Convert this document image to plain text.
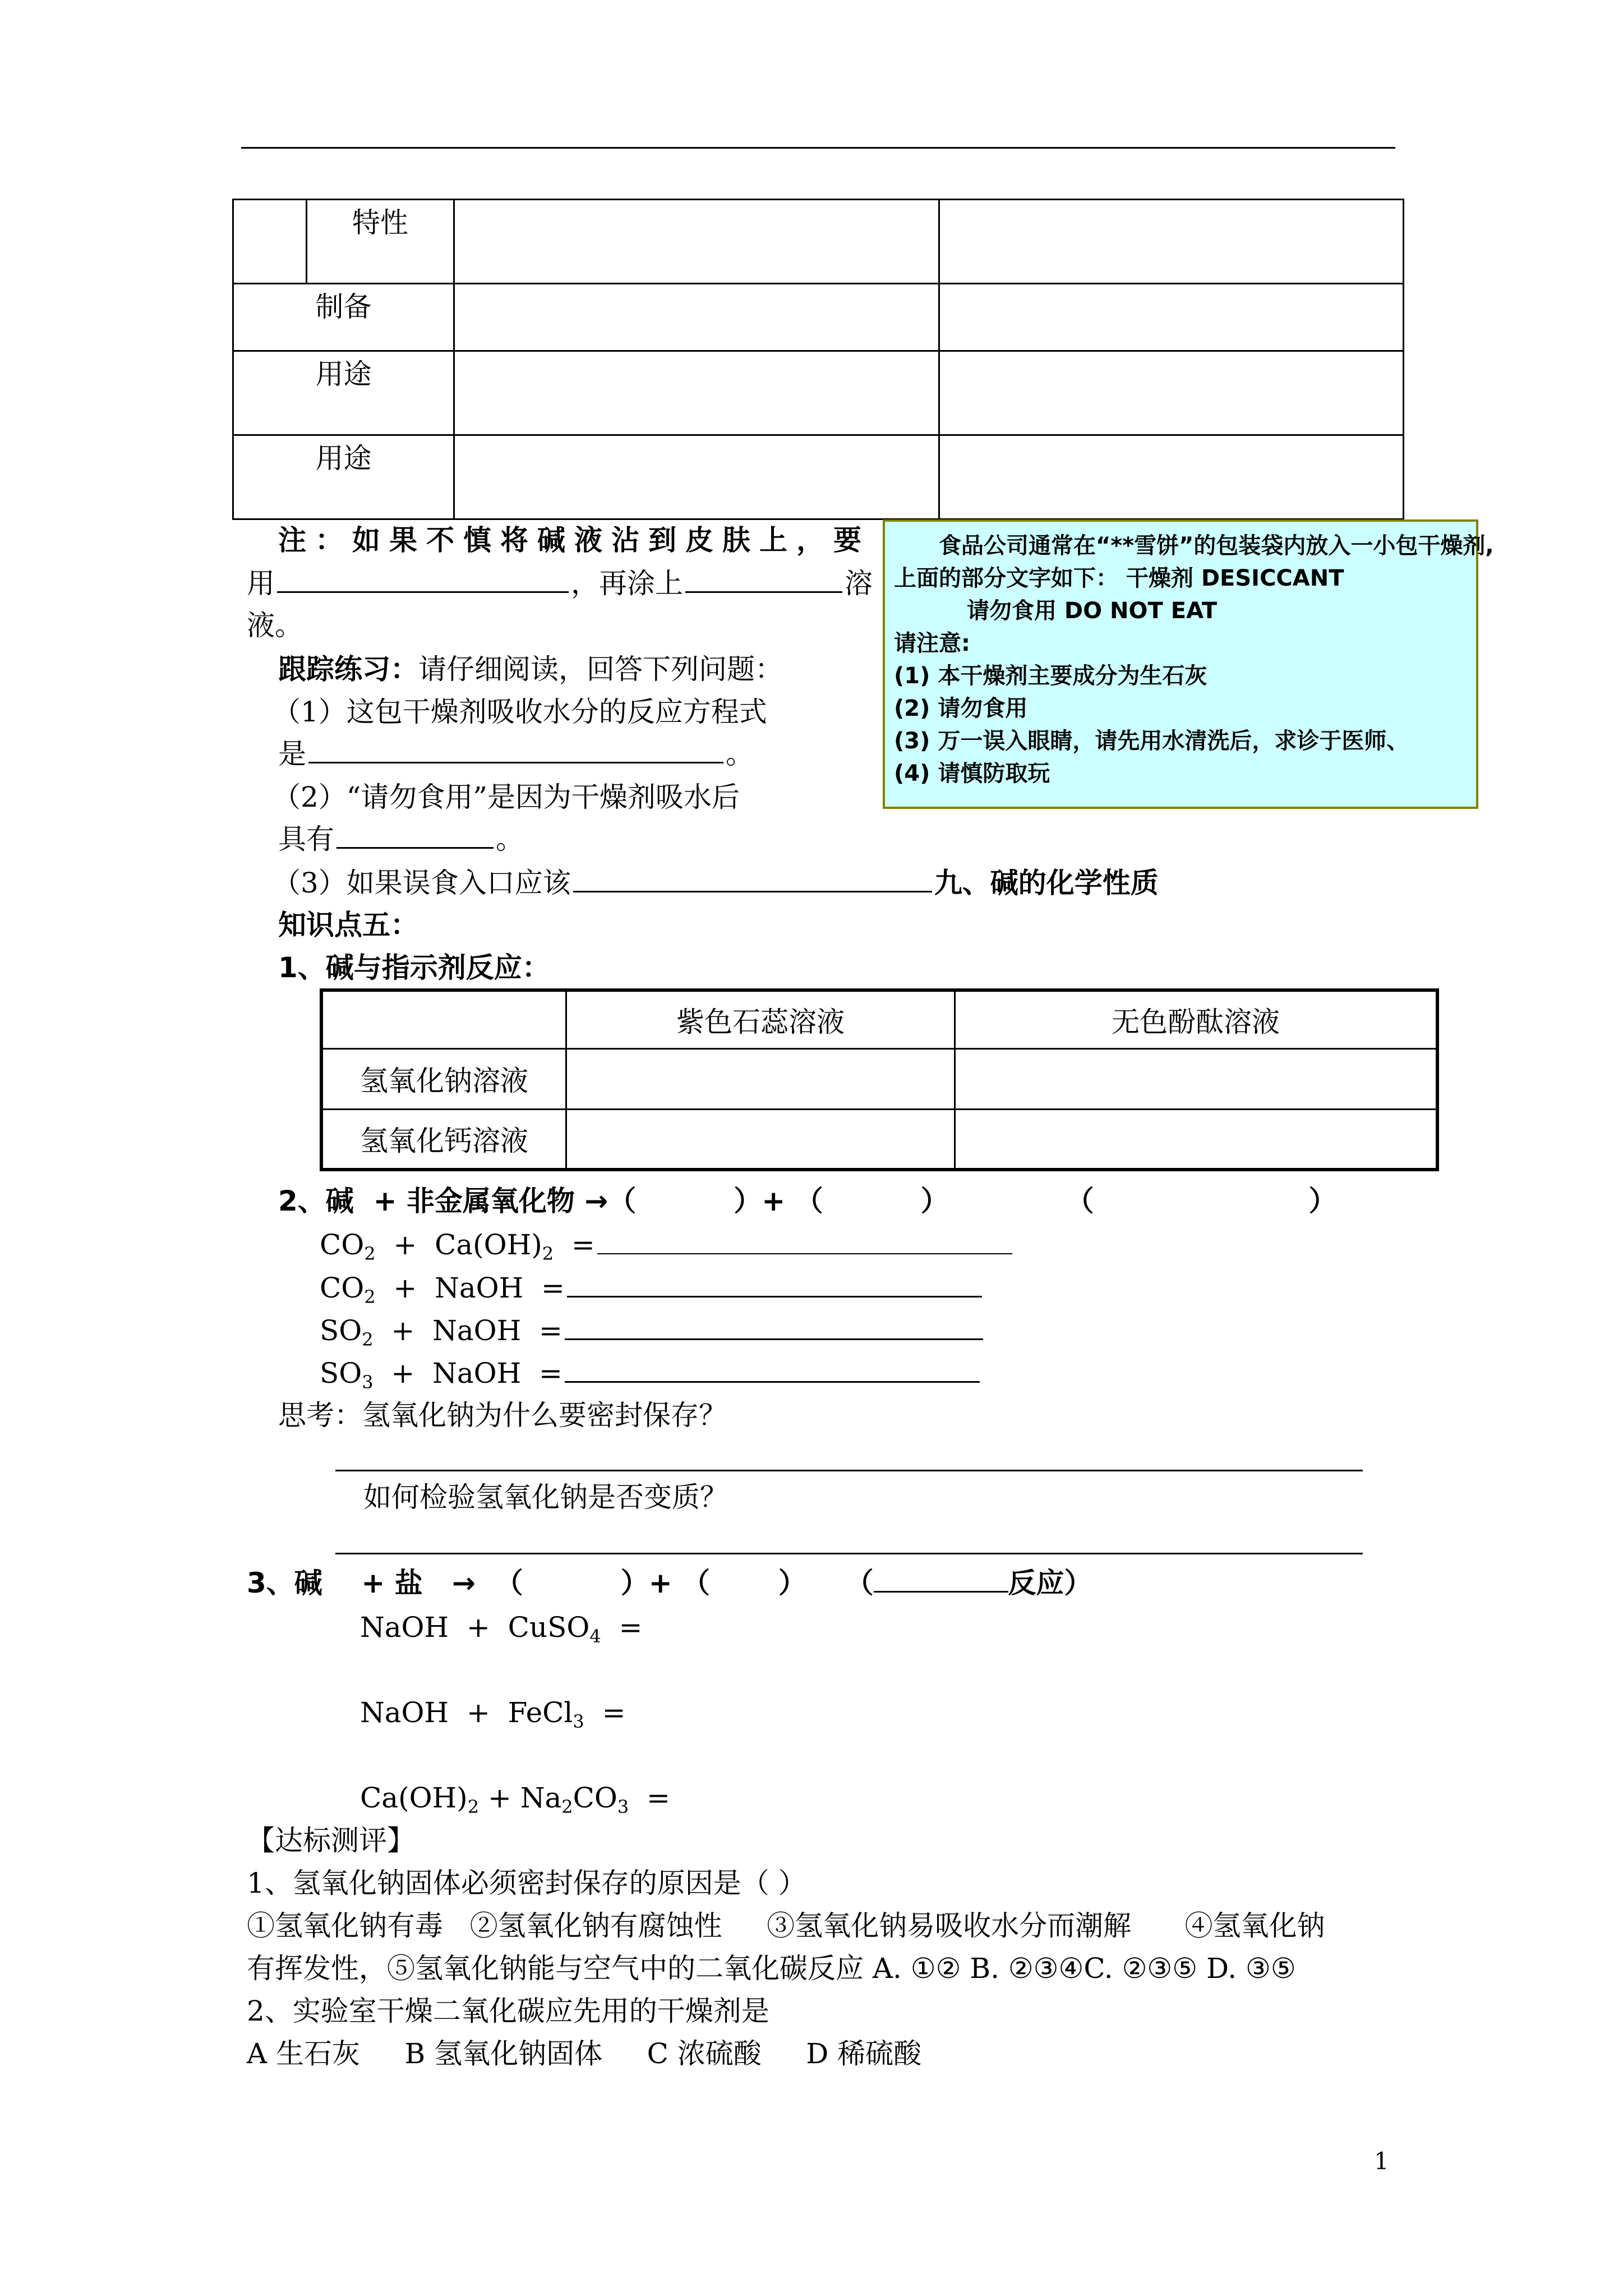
	特性		
制备			
用途			
用途			
注：如果不慎将碱液沾到皮肤上，要
用	，再涂上	溶
液。
跟踪练习：请仔细阅读，回答下列问题：
（1）这包干燥剂吸收水分的反应方程式
是	。
（2）“请勿食用”是因为干燥剂吸水后
具有	。
（3）如果误食入口应该	九、碱的化学性质
食品公司通常在“**雪饼”的包装袋内放入一小包干燥剂,
上面的部分文字如下： 干燥剂 DESICCANT
请勿食用 DO NOT EAT
请注意:
(1) 本干燥剂主要成分为生石灰
(2) 请勿食用
(3) 万一误入眼睛，请先用水清洗后，求诊于医师、
(4) 请慎防取玩
知识点五：
1、碱与指示剂反应：
	紫色石蕊溶液	无色酚酞溶液
氢氧化钠溶液		
氢氧化钙溶液		
2、碱  + 非金属氧化物 →（          ）+ （          ）            （                      ）
$CO_2 + Ca(OH)_2$  =
$CO_2$  +  NaOH  =
$SO_2$  +  NaOH  =
$SO_3$  +  NaOH  =
思考：氢氧化钠为什么要密封保存？
如何检验氢氧化钠是否变质？
3、碱    + 盐   →  （          ）+ （       ）    （	反应）
NaOH  +  CuSO$_4$  =
NaOH  +  FeCl$_3$  =
$Ca(OH)_2 + Na_2CO_3$  =
【达标测评】
1、氢氧化钠固体必须密封保存的原因是（ ）
①氢氧化钠有毒   ②氢氧化钠有腐蚀性     ③氢氧化钠易吸收水分而潮解      ④氢氧化钠
有挥发性，⑤氢氧化钠能与空气中的二氧化碳反应 A. ①② B. ②③④C. ②③⑤ D. ③⑤
2、实验室干燥二氧化碳应先用的干燥剂是
A 生石灰     B 氢氧化钠固体     C 浓硫酸     D 稀硫酸
1
